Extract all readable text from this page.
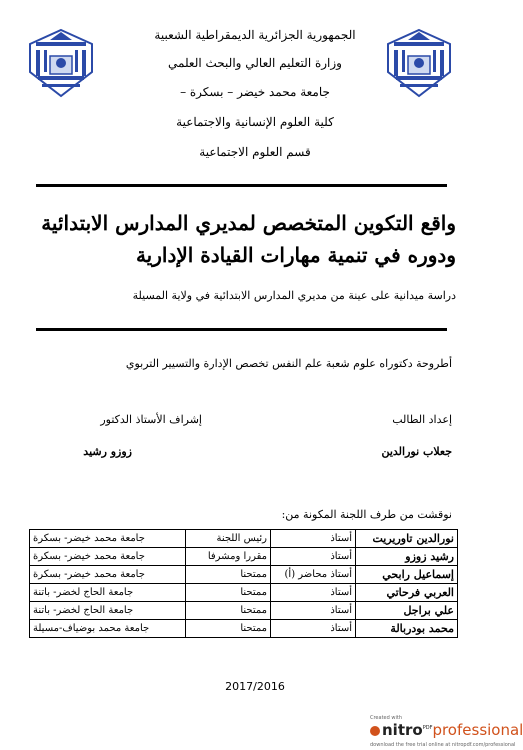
الجمهورية الجزائرية الديمقراطية الشعبية
وزارة التعليم العالي والبحث العلمي
جامعة محمد خيضر – بسكرة –
كلية العلوم الإنسانية والاجتماعية
قسم العلوم الاجتماعية
واقع التكوين المتخصص لمديري المدارس الابتدائية
ودوره في تنمية مهارات القيادة الإدارية
دراسة ميدانية على عينة من مديري المدارس الابتدائية في ولاية المسيلة
أطروحة دكتوراه علوم شعبة علم النفس تخصص الإدارة والتسيير التربوي
إعداد الطالب
إشراف الأستاذ الدكتور
جعلاب نورالدين
زوزو رشيد
نوقشت من طرف اللجنة المكونة من:
نورالدين تاوريريت	أستاذ	رئيس اللجنة	جامعة محمد خيضر- بسكرة
رشيد زوزو	أستاذ	مقررا ومشرفا	جامعة محمد خيضر- بسكرة
إسماعيل رابحي	أستاذ محاضر (أ)	ممتحنا	جامعة محمد خيضر- بسكرة
العربي فرحاتي	أستاذ	ممتحنا	جامعة الحاج لخضر- باتنة
علي براجل	أستاذ	ممتحنا	جامعة الحاج لخضر- باتنة
محمد بودربالة	أستاذ	ممتحنا	جامعة محمد بوضياف-مسيلة
2017/2016
Created with
nitro$^{PDF}$professional
download the free trial online at nitropdf.com/professional
